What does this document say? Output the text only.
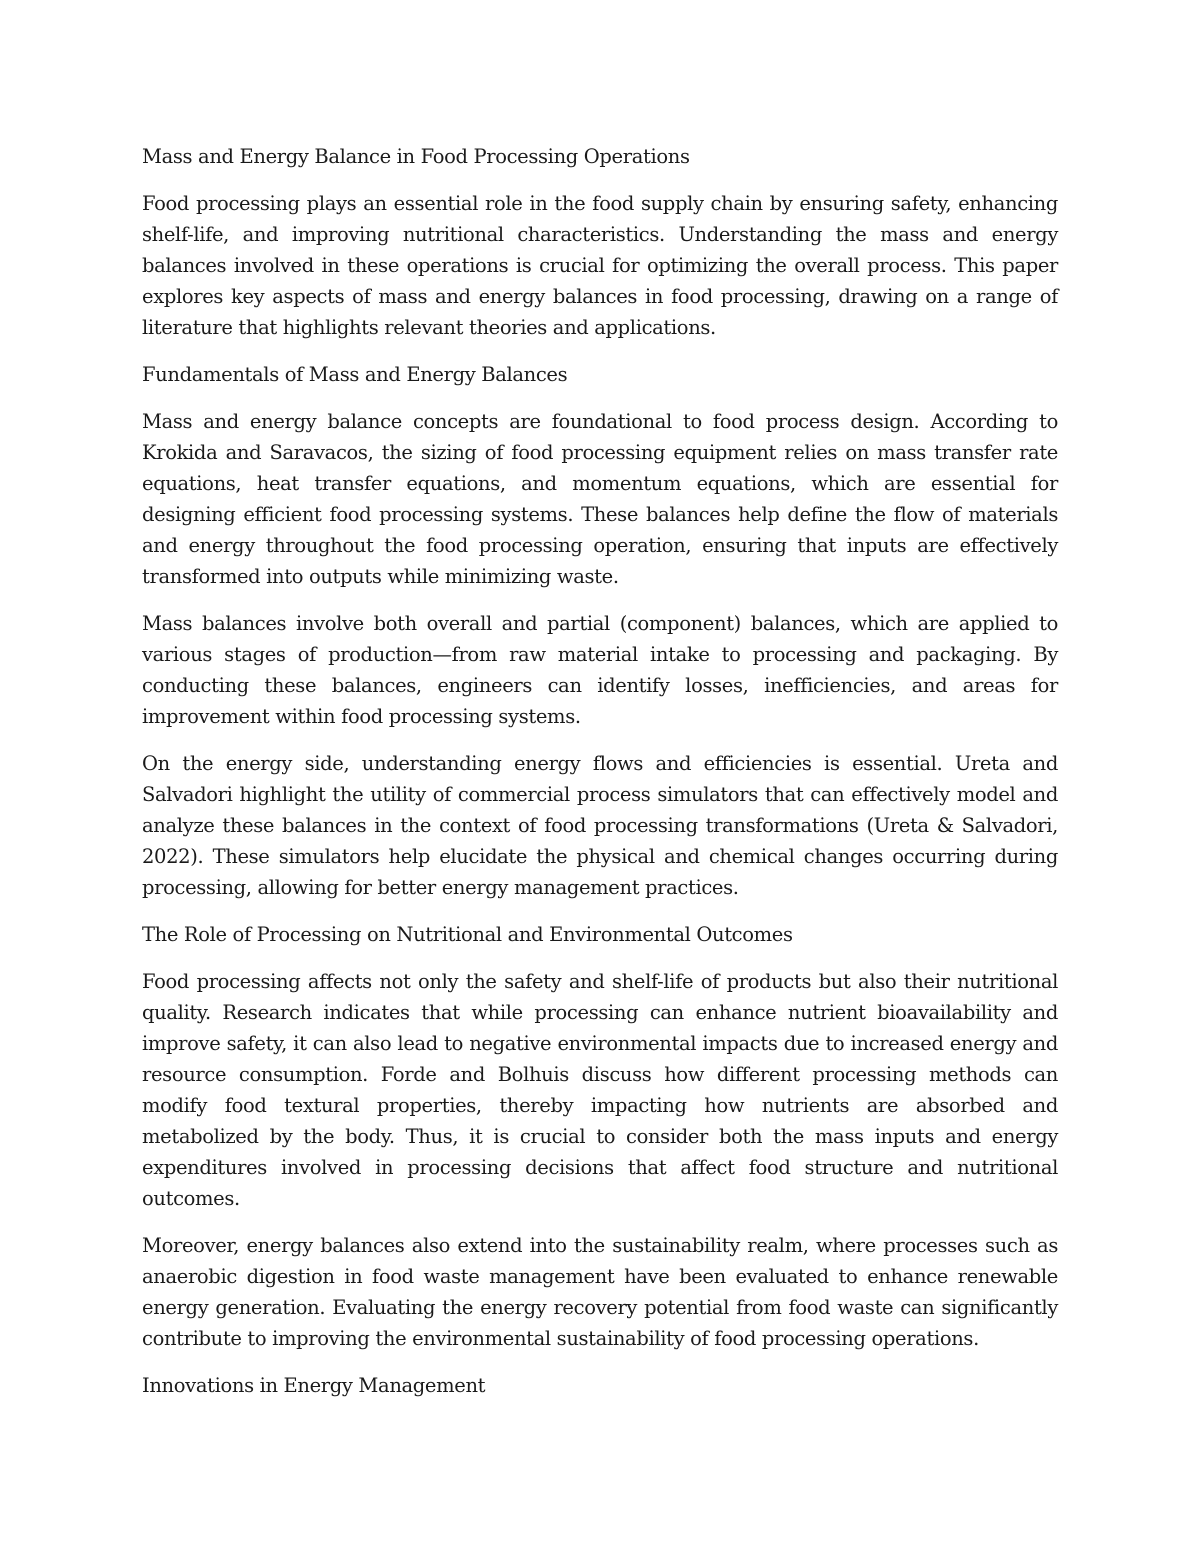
Mass and Energy Balance in Food Processing Operations

Food processing plays an essential role in the food supply chain by ensuring safety, enhancing shelf-life, and improving nutritional characteristics. Understanding the mass and energy balances involved in these operations is crucial for optimizing the overall process. This paper explores key aspects of mass and energy balances in food processing, drawing on a range of literature that highlights relevant theories and applications.

Fundamentals of Mass and Energy Balances

Mass and energy balance concepts are foundational to food process design. According to Krokida and Saravacos, the sizing of food processing equipment relies on mass transfer rate equations, heat transfer equations, and momentum equations, which are essential for designing efficient food processing systems. These balances help define the flow of materials and energy throughout the food processing operation, ensuring that inputs are effectively transformed into outputs while minimizing waste.

Mass balances involve both overall and partial (component) balances, which are applied to various stages of production—from raw material intake to processing and packaging. By conducting these balances, engineers can identify losses, inefficiencies, and areas for improvement within food processing systems.

On the energy side, understanding energy flows and efficiencies is essential. Ureta and Salvadori highlight the utility of commercial process simulators that can effectively model and analyze these balances in the context of food processing transformations (Ureta & Salvadori, 2022). These simulators help elucidate the physical and chemical changes occurring during processing, allowing for better energy management practices.

The Role of Processing on Nutritional and Environmental Outcomes

Food processing affects not only the safety and shelf-life of products but also their nutritional quality. Research indicates that while processing can enhance nutrient bioavailability and improve safety, it can also lead to negative environmental impacts due to increased energy and resource consumption. Forde and Bolhuis discuss how different processing methods can modify food textural properties, thereby impacting how nutrients are absorbed and metabolized by the body. Thus, it is crucial to consider both the mass inputs and energy expenditures involved in processing decisions that affect food structure and nutritional outcomes.

Moreover, energy balances also extend into the sustainability realm, where processes such as anaerobic digestion in food waste management have been evaluated to enhance renewable energy generation. Evaluating the energy recovery potential from food waste can significantly contribute to improving the environmental sustainability of food processing operations.

Innovations in Energy Management
